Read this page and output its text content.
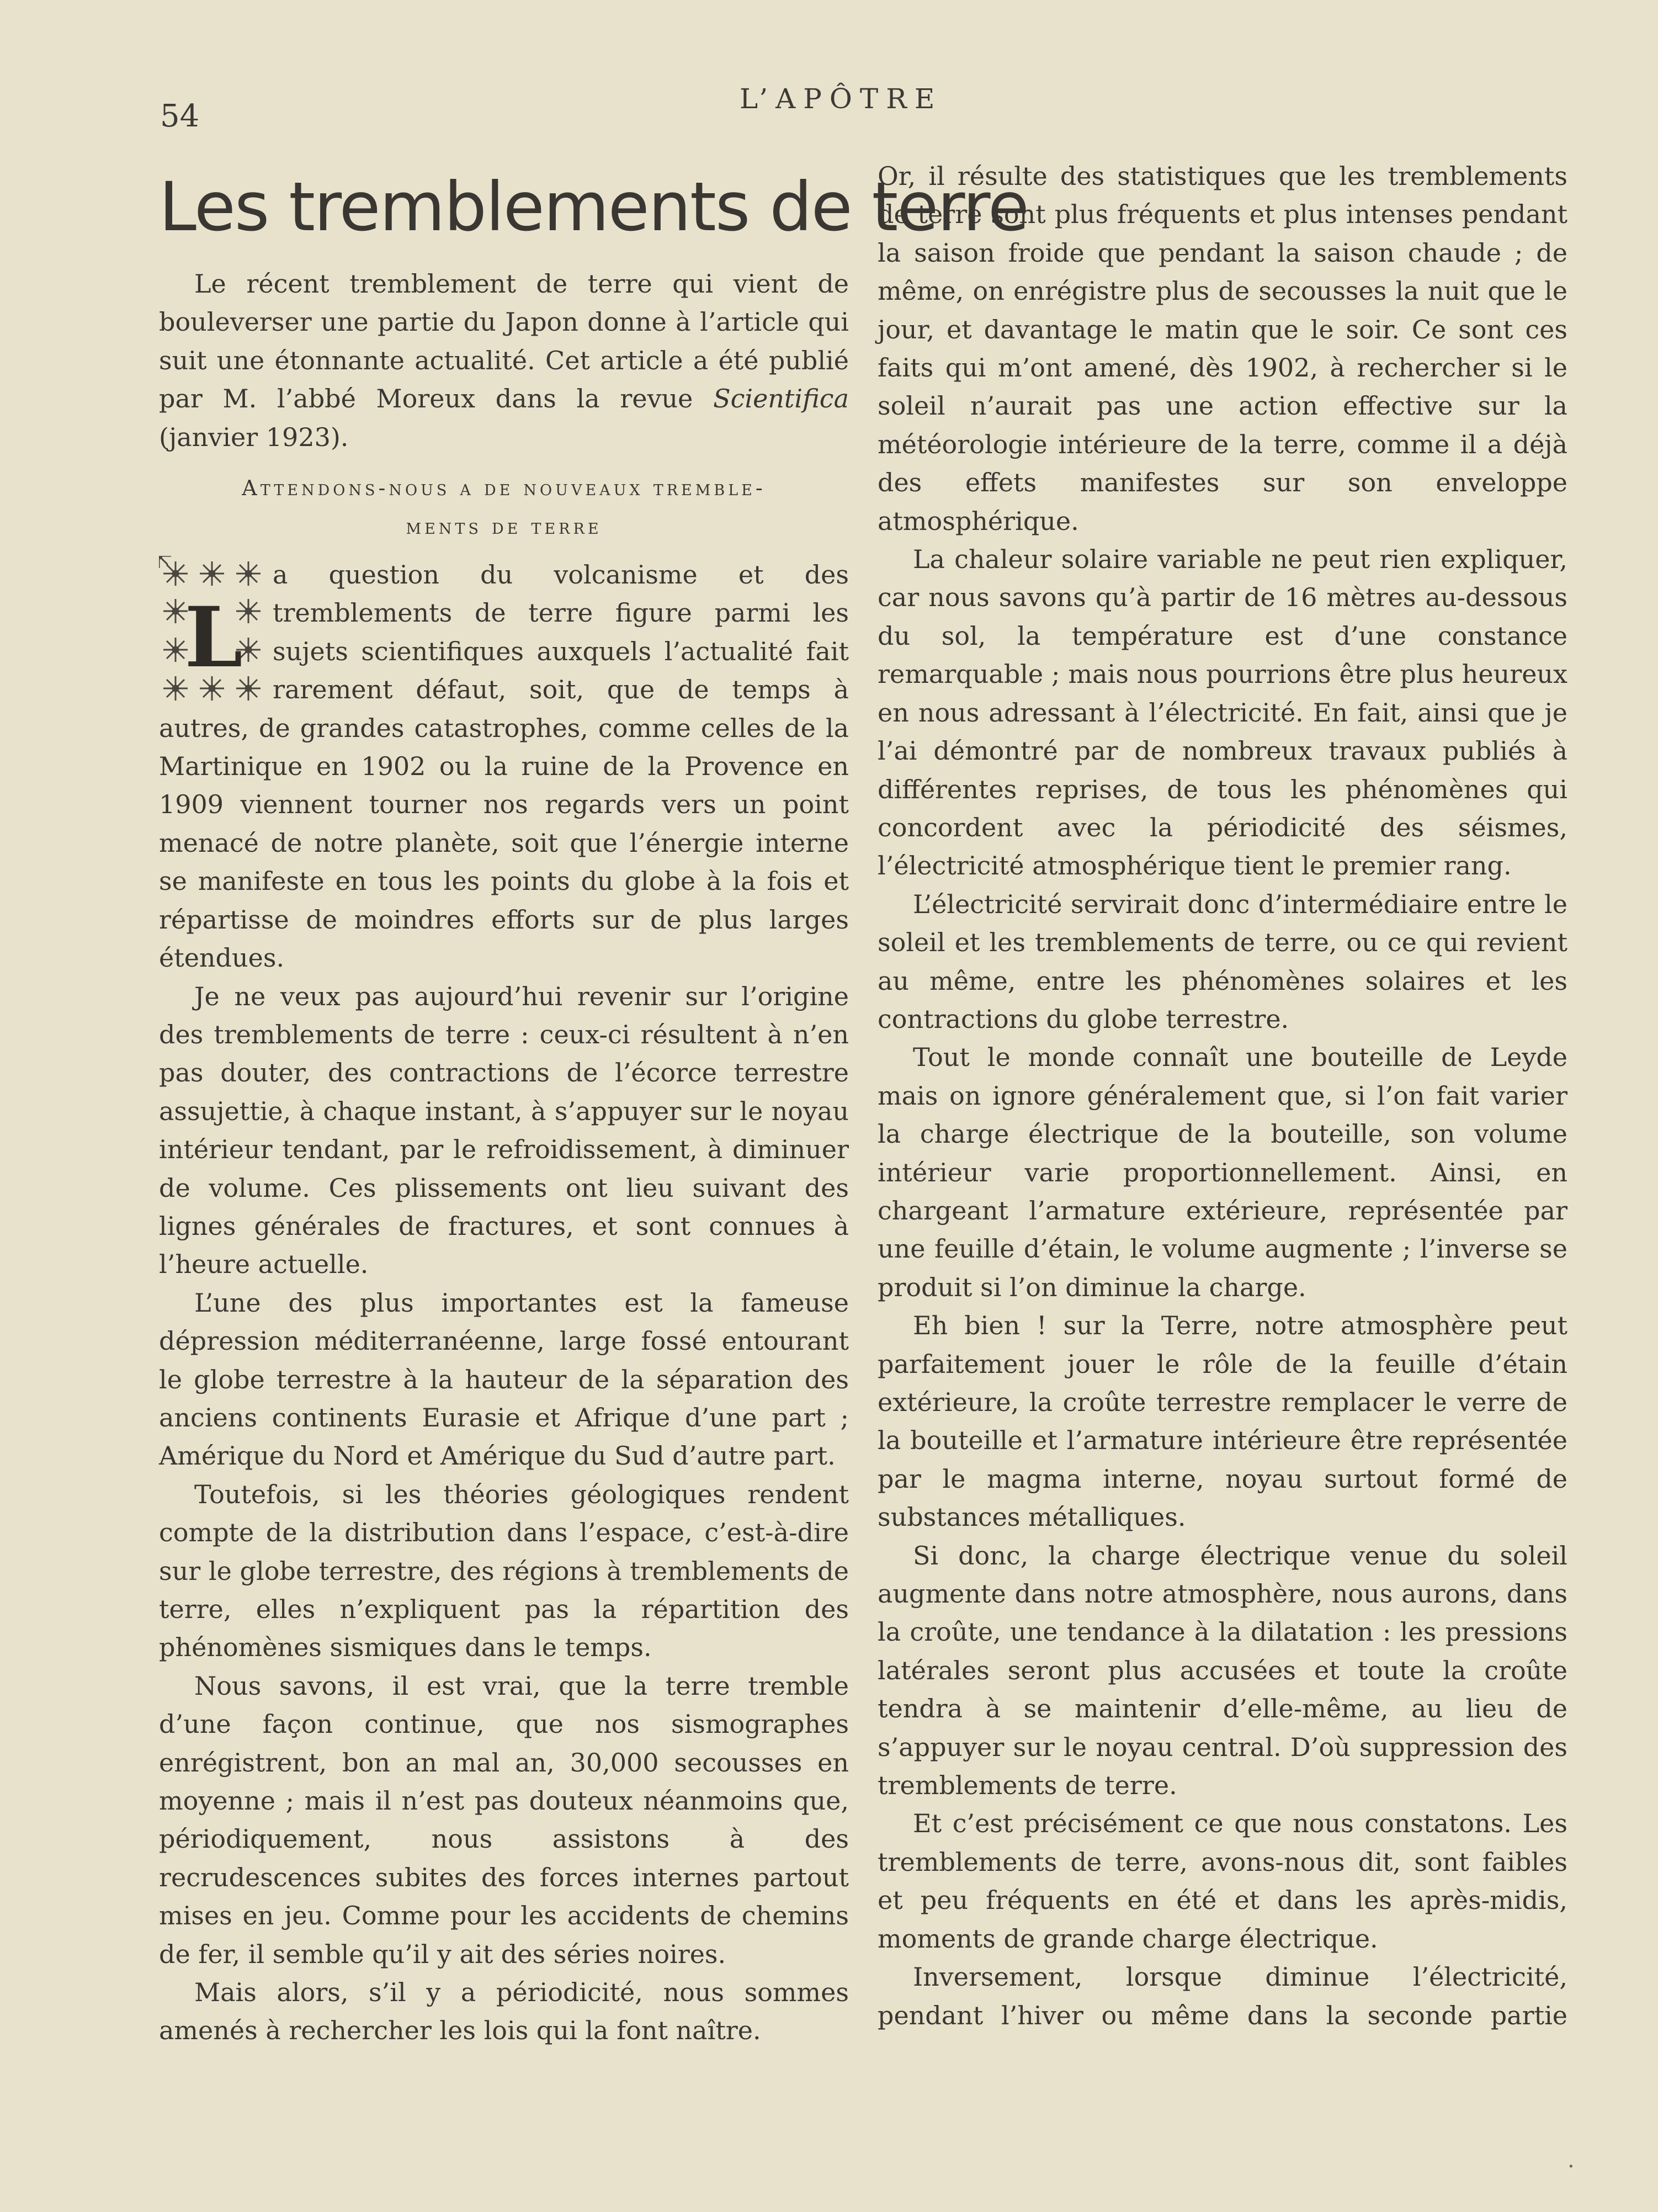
54	L’APÔTRE
Les tremblements de terre

Le récent tremblement de terre qui vient de bouleverser une partie du Japon donne à l’article qui suit une étonnante actualité. Cet article a été publié par M. l’abbé Moreux dans la revue Scientifica (janvier 1923).

Attendons-nous a de nouveaux tremble-
ments de terre
L

a question du volcanisme et des tremblements de terre figure parmi les sujets scientifiques auxquels l’actualité fait rarement défaut, soit, que de temps à autres, de grandes catastrophes, comme celles de la Martinique en 1902 ou la ruine de la Provence en 1909 viennent tourner nos regards vers un point menacé de notre planète, soit que l’énergie interne se manifeste en tous les points du globe à la fois et répartisse de moindres efforts sur de plus larges étendues.

Je ne veux pas aujourd’hui revenir sur l’origine des tremblements de terre : ceux-ci résultent à n’en pas douter, des contractions de l’écorce terrestre assujettie, à chaque instant, à s’appuyer sur le noyau intérieur tendant, par le refroidissement, à diminuer de volume. Ces plissements ont lieu suivant des lignes générales de fractures, et sont connues à l’heure actuelle.

L’une des plus importantes est la fameuse dépression méditerranéenne, large fossé entourant le globe terrestre à la hauteur de la séparation des anciens continents Eurasie et Afrique d’une part ; Amérique du Nord et Amérique du Sud d’autre part.

Toutefois, si les théories géologiques rendent compte de la distribution dans l’espace, c’est-à-dire sur le globe terrestre, des régions à tremblements de terre, elles n’expliquent pas la répartition des phénomènes sismiques dans le temps.

Nous savons, il est vrai, que la terre tremble d’une façon continue, que nos sismographes enrégistrent, bon an mal an, 30,000 secousses en moyenne ; mais il n’est pas douteux néanmoins que, périodiquement, nous assistons à des recrudescences subites des forces internes partout mises en jeu. Comme pour les accidents de chemins de fer, il semble qu’il y ait des séries noires.

Mais alors, s’il y a périodicité, nous sommes amenés à rechercher les lois qui la font naître.

Or, il résulte des statistiques que les tremblements de terre sont plus fréquents et plus intenses pendant la saison froide que pendant la saison chaude ; de même, on enrégistre plus de secousses la nuit que le jour, et davantage le matin que le soir. Ce sont ces faits qui m’ont amené, dès 1902, à rechercher si le soleil n’aurait pas une action effective sur la météorologie intérieure de la terre, comme il a déjà des effets manifestes sur son enveloppe atmosphérique.

La chaleur solaire variable ne peut rien expliquer, car nous savons qu’à partir de 16 mètres au-dessous du sol, la température est d’une constance remarquable ; mais nous pourrions être plus heureux en nous adressant à l’électricité. En fait, ainsi que je l’ai démontré par de nombreux travaux publiés à différentes reprises, de tous les phénomènes qui concordent avec la périodicité des séismes, l’électricité atmosphérique tient le premier rang.

L’électricité servirait donc d’intermédiaire entre le soleil et les tremblements de terre, ou ce qui revient au même, entre les phénomènes solaires et les contractions du globe terrestre.

Tout le monde connaît une bouteille de Leyde mais on ignore généralement que, si l’on fait varier la charge électrique de la bouteille, son volume intérieur varie proportionnellement. Ainsi, en chargeant l’armature extérieure, représentée par une feuille d’étain, le volume augmente ; l’inverse se produit si l’on diminue la charge.

Eh bien ! sur la Terre, notre atmosphère peut parfaitement jouer le rôle de la feuille d’étain extérieure, la croûte terrestre remplacer le verre de la bouteille et l’armature intérieure être représentée par le magma interne, noyau surtout formé de substances métalliques.

Si donc, la charge électrique venue du soleil augmente dans notre atmosphère, nous aurons, dans la croûte, une tendance à la dilatation : les pressions latérales seront plus accusées et toute la croûte tendra à se maintenir d’elle-même, au lieu de s’appuyer sur le noyau central. D’où suppression des tremblements de terre.

Et c’est précisément ce que nous constatons. Les tremblements de terre, avons-nous dit, sont faibles et peu fréquents en été et dans les après-midis, moments de grande charge électrique.

Inversement, lorsque diminue l’électricité, pendant l’hiver ou même dans la seconde partie

.
